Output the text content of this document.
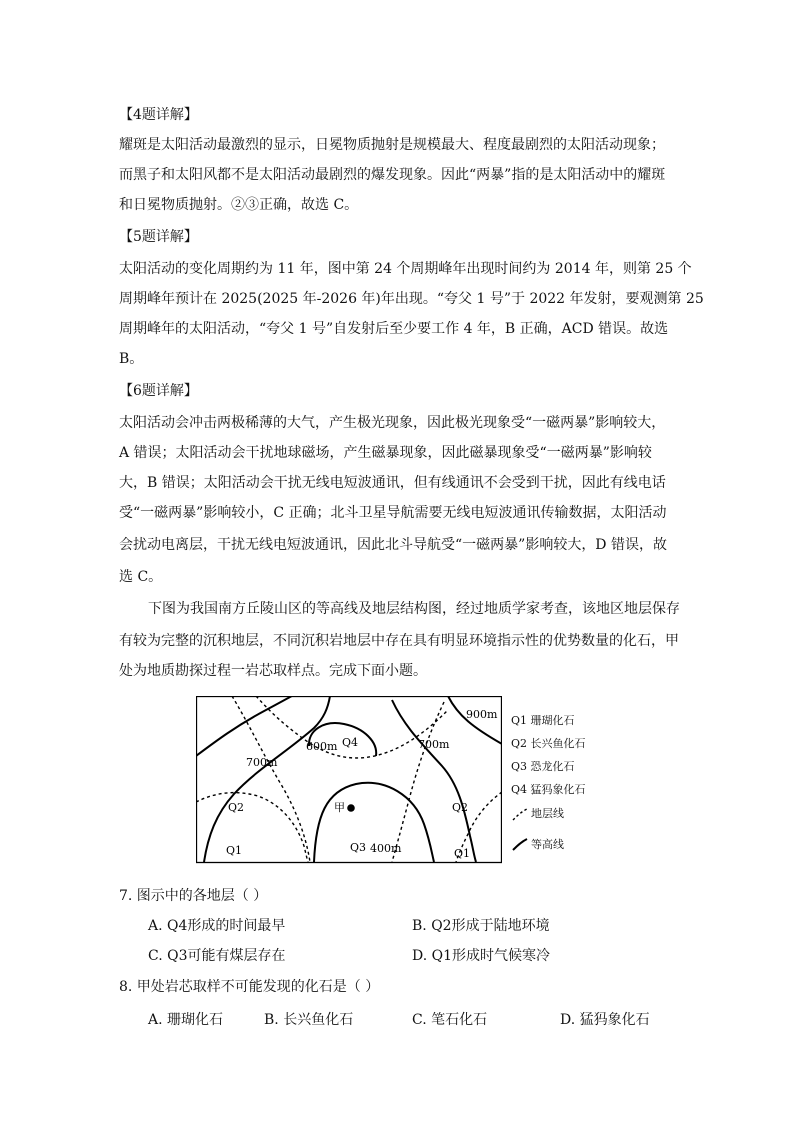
【4题详解】
耀斑是太阳活动最激烈的显示，日冕物质抛射是规模最大、程度最剧烈的太阳活动现象；
而黑子和太阳风都不是太阳活动最剧烈的爆发现象。因此“两暴”指的是太阳活动中的耀斑
和日冕物质抛射。②③正确，故选 C。
【5题详解】
太阳活动的变化周期约为 11 年，图中第 24 个周期峰年出现时间约为 2014 年，则第 25 个
周期峰年预计在 2025(2025 年-2026 年)年出现。“夸父 1 号”于 2022 年发射，要观测第 25
周期峰年的太阳活动，“夸父 1 号”自发射后至少要工作 4 年，B 正确，ACD 错误。故选
B。
【6题详解】
太阳活动会冲击两极稀薄的大气，产生极光现象，因此极光现象受“一磁两暴”影响较大，
A 错误；太阳活动会干扰地球磁场，产生磁暴现象，因此磁暴现象受“一磁两暴”影响较
大，B 错误；太阳活动会干扰无线电短波通讯，但有线通讯不会受到干扰，因此有线电话
受“一磁两暴”影响较小，C 正确；北斗卫星导航需要无线电短波通讯传输数据，太阳活动
会扰动电离层，干扰无线电短波通讯，因此北斗导航受“一磁两暴”影响较大，D 错误，故
选 C。
下图为我国南方丘陵山区的等高线及地层结构图，经过地质学家考查，该地区地层保存
有较为完整的沉积地层，不同沉积岩地层中存在具有明显环境指示性的优势数量的化石，甲
处为地质勘探过程一岩芯取样点。完成下面小题。
900m
700m
700m
600m
400m
Q4
Q2	Q2
Q1	Q1
Q3
甲
Q1 珊瑚化石
Q2 长兴鱼化石
Q3 恐龙化石
Q4 猛犸象化石
地层线
等高线
7. 图示中的各地层（ ）
A. Q4形成的时间最早	B. Q2形成于陆地环境
C. Q3可能有煤层存在	D. Q1形成时气候寒冷
8. 甲处岩芯取样不可能发现的化石是（ ）
A. 珊瑚化石	B. 长兴鱼化石	C. 笔石化石	D. 猛犸象化石
